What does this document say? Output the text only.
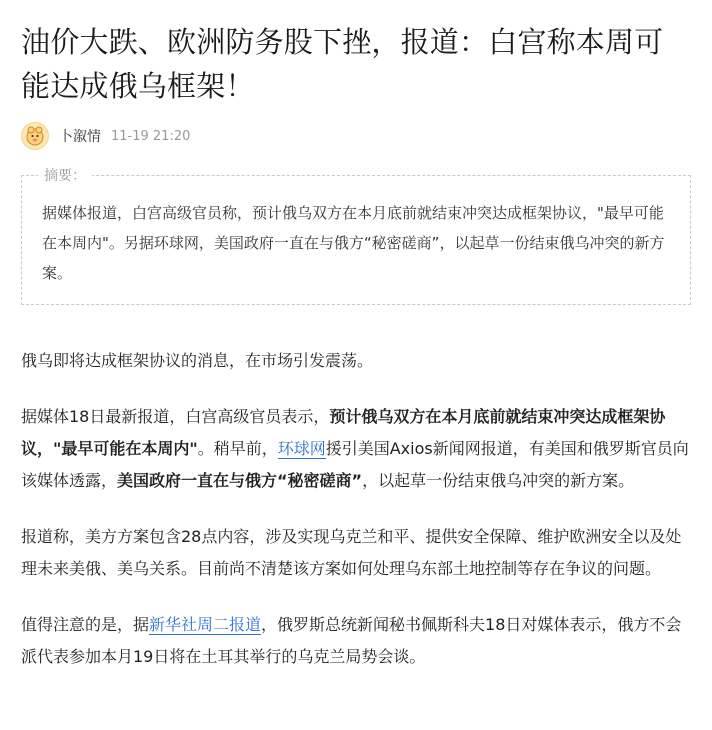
油价大跌、欧洲防务股下挫，报道：白宫称本周可能达成俄乌框架！
卜溆情 11-19 21:20
摘要：

据媒体报道，白宫高级官员称，预计俄乌双方在本月底前就结束冲突达成框架协议，"最早可能在本周内"。另据环球网，美国政府一直在与俄方“秘密磋商”，以起草一份结束俄乌冲突的新方案。

俄乌即将达成框架协议的消息，在市场引发震荡。

据媒体18日最新报道，白宫高级官员表示，预计俄乌双方在本月底前就结束冲突达成框架协议，"最早可能在本周内"。稍早前，环球网援引美国Axios新闻网报道，有美国和俄罗斯官员向该媒体透露，美国政府一直在与俄方“秘密磋商”，以起草一份结束俄乌冲突的新方案。

报道称，美方方案包含28点内容，涉及实现乌克兰和平、提供安全保障、维护欧洲安全以及处理未来美俄、美乌关系。目前尚不清楚该方案如何处理乌东部土地控制等存在争议的问题。

值得注意的是，据新华社周二报道，俄罗斯总统新闻秘书佩斯科夫18日对媒体表示，俄方不会派代表参加本月19日将在土耳其举行的乌克兰局势会谈。
